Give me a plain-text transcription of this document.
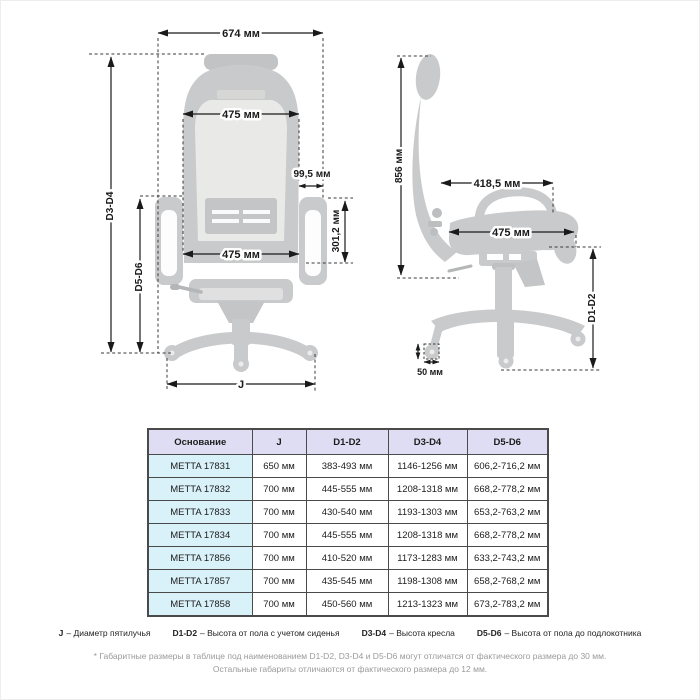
674 мм
475 мм
99,5 мм
301,2 мм
475 мм
J
D3-D4
D5-D6
856 мм
418,5 мм
475 мм
D1-D2
50 мм
Основание	J	D1-D2	D3-D4	D5-D6
METTA 17831	650 мм	383-493 мм	1146-1256 мм	606,2-716,2 мм
METTA 17832	700 мм	445-555 мм	1208-1318 мм	668,2-778,2 мм
METTA 17833	700 мм	430-540 мм	1193-1303 мм	653,2-763,2 мм
METTA 17834	700 мм	445-555 мм	1208-1318 мм	668,2-778,2 мм
METTA 17856	700 мм	410-520 мм	1173-1283 мм	633,2-743,2 мм
METTA 17857	700 мм	435-545 мм	1198-1308 мм	658,2-768,2 мм
METTA 17858	700 мм	450-560 мм	1213-1323 мм	673,2-783,2 мм
J – Диаметр пятилучья	D1-D2 – Высота от пола с учетом сиденья	D3-D4 – Высота кресла	D5-D6 – Высота от пола до подлокотника
* Габаритные размеры в таблице под наименованием D1-D2, D3-D4 и D5-D6 могут отличатся от фактического размера до 30 мм.
Остальные габариты отличаются от фактического размера до 12 мм.
